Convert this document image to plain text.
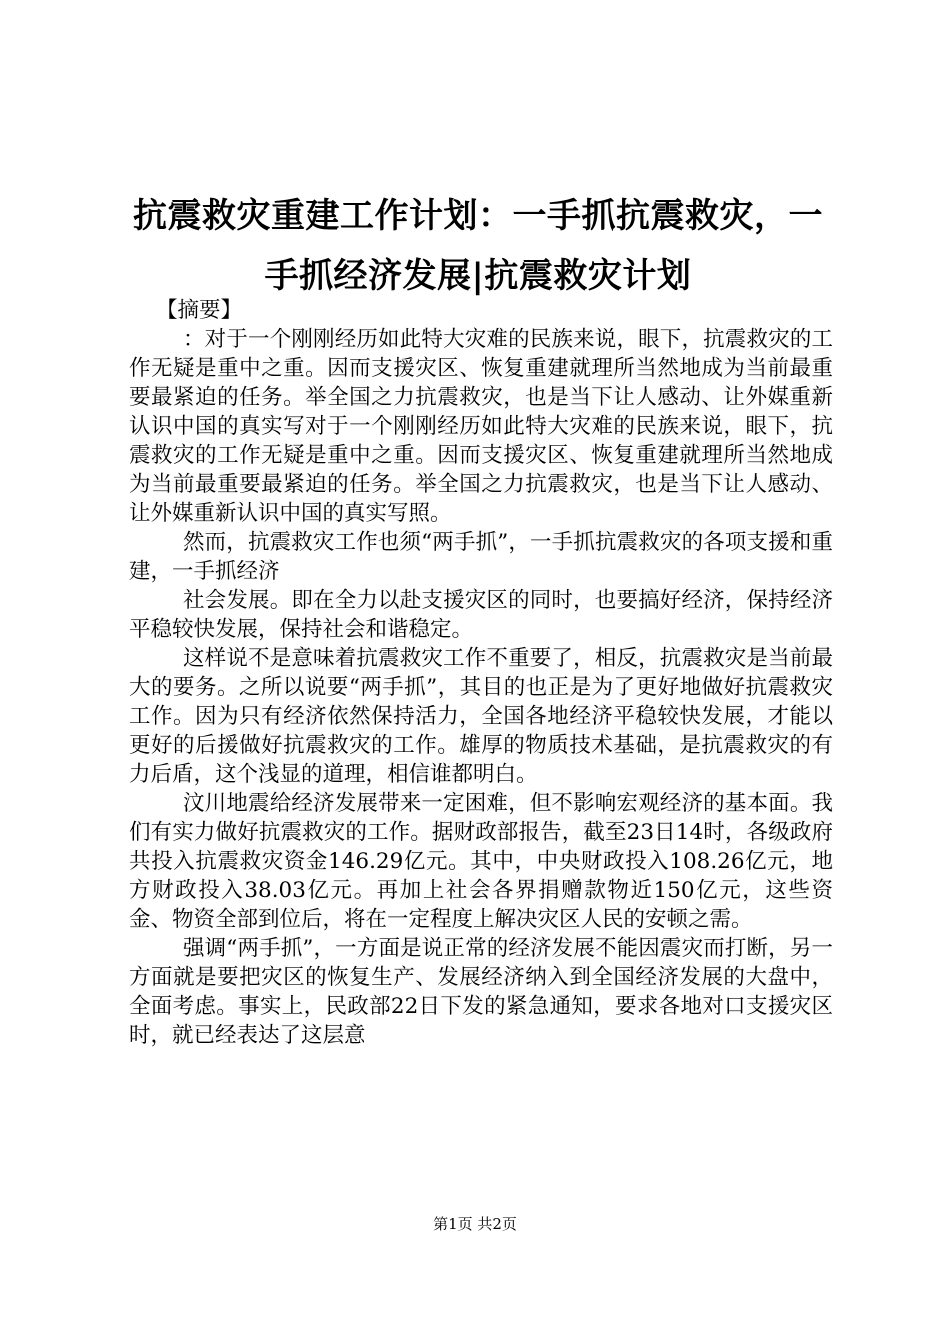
抗震救灾重建工作计划：一手抓抗震救灾，一
手抓经济发展|抗震救灾计划

【摘要】

：对于一个刚刚经历如此特大灾难的民族来说，眼下，抗震救灾的工作无疑是重中之重。因而支援灾区、恢复重建就理所当然地成为当前最重要最紧迫的任务。举全国之力抗震救灾，也是当下让人感动、让外媒重新认识中国的真实写对于一个刚刚经历如此特大灾难的民族来说，眼下，抗震救灾的工作无疑是重中之重。因而支援灾区、恢复重建就理所当然地成为当前最重要最紧迫的任务。举全国之力抗震救灾，也是当下让人感动、让外媒重新认识中国的真实写照。

然而，抗震救灾工作也须“两手抓”，一手抓抗震救灾的各项支援和重建，一手抓经济

社会发展。即在全力以赴支援灾区的同时，也要搞好经济，保持经济平稳较快发展，保持社会和谐稳定。

这样说不是意味着抗震救灾工作不重要了，相反，抗震救灾是当前最大的要务。之所以说要“两手抓”，其目的也正是为了更好地做好抗震救灾工作。因为只有经济依然保持活力，全国各地经济平稳较快发展，才能以更好的后援做好抗震救灾的工作。雄厚的物质技术基础，是抗震救灾的有力后盾，这个浅显的道理，相信谁都明白。

汶川地震给经济发展带来一定困难，但不影响宏观经济的基本面。我们有实力做好抗震救灾的工作。据财政部报告，截至23日14时，各级政府共投入抗震救灾资金146.29亿元。其中，中央财政投入108.26亿元，地方财政投入38.03亿元。再加上社会各界捐赠款物近150亿元，这些资金、物资全部到位后，将在一定程度上解决灾区人民的安顿之需。

强调“两手抓”，一方面是说正常的经济发展不能因震灾而打断，另一方面就是要把灾区的恢复生产、发展经济纳入到全国经济发展的大盘中，全面考虑。事实上，民政部22日下发的紧急通知，要求各地对口支援灾区时，就已经表达了这层意

第1页 共2页
